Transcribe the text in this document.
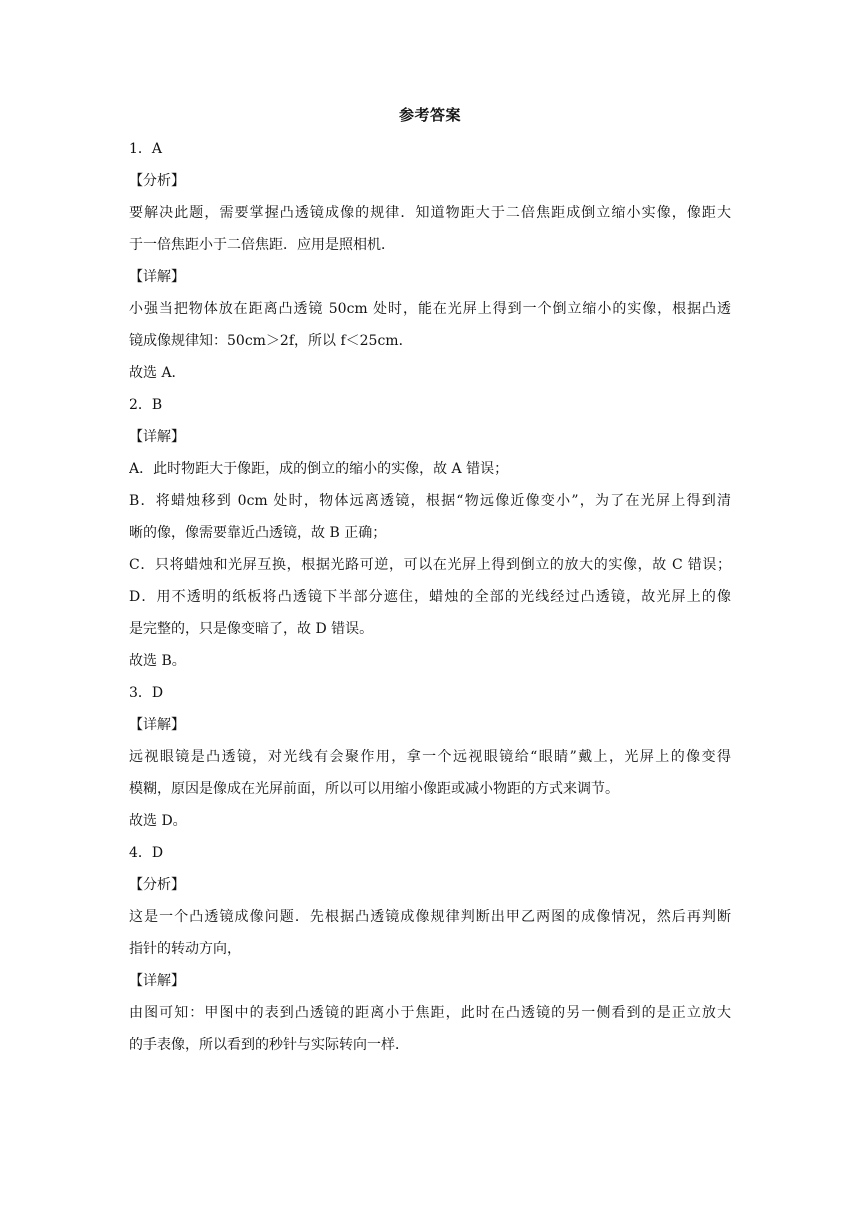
参考答案
1．A
【分析】
要解决此题，需要掌握凸透镜成像的规律．知道物距大于二倍焦距成倒立缩小实像，像距大
于一倍焦距小于二倍焦距．应用是照相机．
【详解】
小强当把物体放在距离凸透镜 50cm 处时，能在光屏上得到一个倒立缩小的实像，根据凸透
镜成像规律知：50cm＞2f，所以 f＜25cm．
故选 A．
2．B
【详解】
A．此时物距大于像距，成的倒立的缩小的实像，故 A 错误；
B．将蜡烛移到 0cm 处时，物体远离透镜，根据“物远像近像变小”，为了在光屏上得到清
晰的像，像需要靠近凸透镜，故 B 正确；
C．只将蜡烛和光屏互换，根据光路可逆，可以在光屏上得到倒立的放大的实像，故 C 错误；
D．用不透明的纸板将凸透镜下半部分遮住，蜡烛的全部的光线经过凸透镜，故光屏上的像
是完整的，只是像变暗了，故 D 错误。
故选 B。
3．D
【详解】
远视眼镜是凸透镜，对光线有会聚作用，拿一个远视眼镜给“眼睛”戴上，光屏上的像变得
模糊，原因是像成在光屏前面，所以可以用缩小像距或减小物距的方式来调节。
故选 D。
4．D
【分析】
这是一个凸透镜成像问题．先根据凸透镜成像规律判断出甲乙两图的成像情况，然后再判断
指针的转动方向，
【详解】
由图可知：甲图中的表到凸透镜的距离小于焦距，此时在凸透镜的另一侧看到的是正立放大
的手表像，所以看到的秒针与实际转向一样．
